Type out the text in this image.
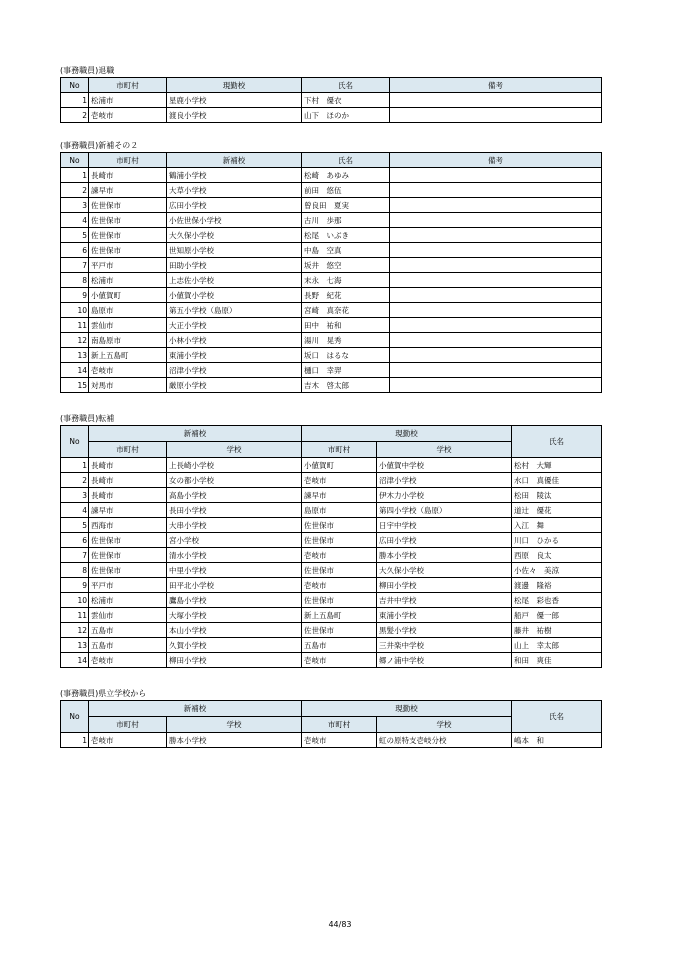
(事務職員)退職
No	市町村	現勤校	氏名	備考
1	松浦市	星鹿小学校	下村　優衣	
2	壱岐市	渡良小学校	山下　ほのか	
(事務職員)新補その２
No	市町村	新補校	氏名	備考
1	長崎市	鶴浦小学校	松崎　あゆみ	
2	諫早市	大草小学校	前田　悠伍	
3	佐世保市	広田小学校	曾良田　夏実	
4	佐世保市	小佐世保小学校	古川　歩那	
5	佐世保市	大久保小学校	松尾　いぶき	
6	佐世保市	世知原小学校	中島　空真	
7	平戸市	田助小学校	坂井　悠空	
8	松浦市	上志佐小学校	末永　七海	
9	小値賀町	小値賀小学校	長野　紀花	
10	島原市	第五小学校（島原）	宮崎　真奈花	
11	雲仙市	大正小学校	田中　祐和	
12	南島原市	小林小学校	湯川　晃秀	
13	新上五島町	東浦小学校	坂口　はるな	
14	壱岐市	沼津小学校	樋口　幸羿	
15	対馬市	厳原小学校	吉木　啓太郎	
(事務職員)転補
No	新補校		現勤校		氏名
	市町村	学校	市町村	学校	
1	長崎市	上長崎小学校	小値賀町	小値賀中学校	松村　大輝
2	長崎市	女の都小学校	壱岐市	沼津小学校	水口　真優佳
3	長崎市	高島小学校	諫早市	伊木力小学校	松田　陵汰
4	諫早市	長田小学校	島原市	第四小学校（島原）	道辻　優花
5	西海市	大串小学校	佐世保市	日宇中学校	入江　舞
6	佐世保市	宮小学校	佐世保市	広田小学校	川口　ひかる
7	佐世保市	清水小学校	壱岐市	勝本小学校	西原　良太
8	佐世保市	中里小学校	佐世保市	大久保小学校	小佐々　美涼
9	平戸市	田平北小学校	壱岐市	柳田小学校	渡邊　隆裕
10	松浦市	鷹島小学校	佐世保市	吉井中学校	松尾　彩也香
11	雲仙市	大塚小学校	新上五島町	東浦小学校	船戸　優一郎
12	五島市	本山小学校	佐世保市	黒髪小学校	藤井　祐樹
13	五島市	久賀小学校	五島市	三井楽中学校	山上　幸太郎
14	壱岐市	柳田小学校	壱岐市	郷ノ浦中学校	和田　爽佳
(事務職員)県立学校から
No	新補校		現勤校		氏名
	市町村	学校	市町村	学校	
1	壱岐市	勝本小学校	壱岐市	虹の原特支壱岐分校	嶋本　和
44/83
